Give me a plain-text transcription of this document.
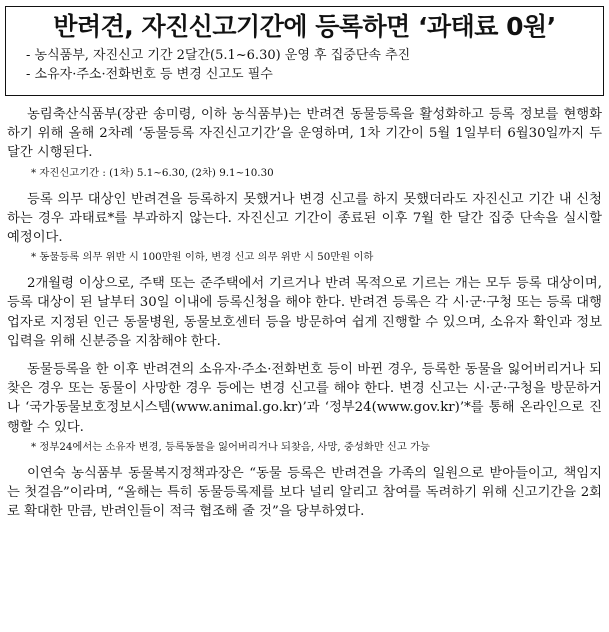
반려견, 자진신고기간에 등록하면 ‘과태료 0원’
- 농식품부, 자진신고 기간 2달간(5.1~6.30) 운영 후 집중단속 추진
- 소유자·주소·전화번호 등 변경 신고도 필수

농림축산식품부(장관 송미령, 이하 농식품부)는 반려견 동물등록을 활성화하고 등록 정보를 현행화하기 위해 올해 2차례 ‘동물등록 자진신고기간’을 운영하며, 1차 기간이 5월 1일부터 6월30일까지 두 달간 시행된다.

* 자진신고기간 : (1차) 5.1~6.30, (2차) 9.1~10.30

등록 의무 대상인 반려견을 등록하지 못했거나 변경 신고를 하지 못했더라도 자진신고 기간 내 신청하는 경우 과태료*를 부과하지 않는다. 자진신고 기간이 종료된 이후 7월 한 달간 집중 단속을 실시할 예정이다.

* 동물등록 의무 위반 시 100만원 이하, 변경 신고 의무 위반 시 50만원 이하

2개월령 이상으로, 주택 또는 준주택에서 기르거나 반려 목적으로 기르는 개는 모두 등록 대상이며, 등록 대상이 된 날부터 30일 이내에 등록신청을 해야 한다. 반려견 등록은 각 시·군·구청 또는 등록 대행업자로 지정된 인근 동물병원, 동물보호센터 등을 방문하여 쉽게 진행할 수 있으며, 소유자 확인과 정보 입력을 위해 신분증을 지참해야 한다.

동물등록을 한 이후 반려견의 소유자·주소·전화번호 등이 바뀐 경우, 등록한 동물을 잃어버리거나 되찾은 경우 또는 동물이 사망한 경우 등에는 변경 신고를 해야 한다. 변경 신고는 시·군·구청을 방문하거나 ‘국가동물보호정보시스템(www.animal.go.kr)’과 ‘정부24(www.gov.kr)’*를 통해 온라인으로 진행할 수 있다.

* 정부24에서는 소유자 변경, 등록동물을 잃어버리거나 되찾음, 사망, 중성화만 신고 가능

이연숙 농식품부 동물복지정책과장은 “동물 등록은 반려견을 가족의 일원으로 받아들이고, 책임지는 첫걸음”이라며, “올해는 특히 동물등록제를 보다 널리 알리고 참여를 독려하기 위해 신고기간을 2회로 확대한 만큼, 반려인들이 적극 협조해 줄 것”을 당부하였다.
